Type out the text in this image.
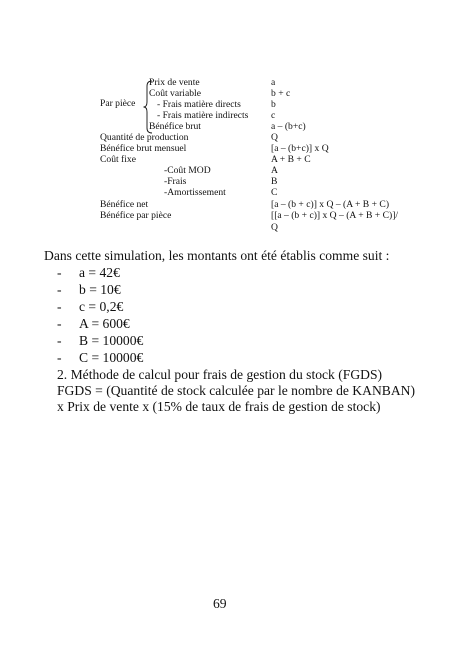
Par pièce
Prix de vente	a
Coût variable	b + c
- Frais matière directs	b
- Frais matière indirects c
Bénéfice brut	a – (b+c)
Quantité de production	Q
Bénéfice brut mensuel	[a – (b+c)] x Q
Coût fixe	A + B + C
-Coût MOD	A
-Frais	B
-Amortissement	C
Bénéfice net	[a – (b + c)] x Q – (A + B + C)
Bénéfice par pièce	[[a – (b + c)] x Q – (A + B + C)]/
Q
Dans cette simulation, les montants ont été établis comme suit :
- a = 42€
- b = 10€
- c = 0,2€
- A = 600€
- B = 10000€
- C = 10000€
2. Méthode de calcul pour frais de gestion du stock (FGDS)
FGDS = (Quantité de stock calculée par le nombre de KANBAN)
x Prix de vente x (15% de taux de frais de gestion de stock)
69
